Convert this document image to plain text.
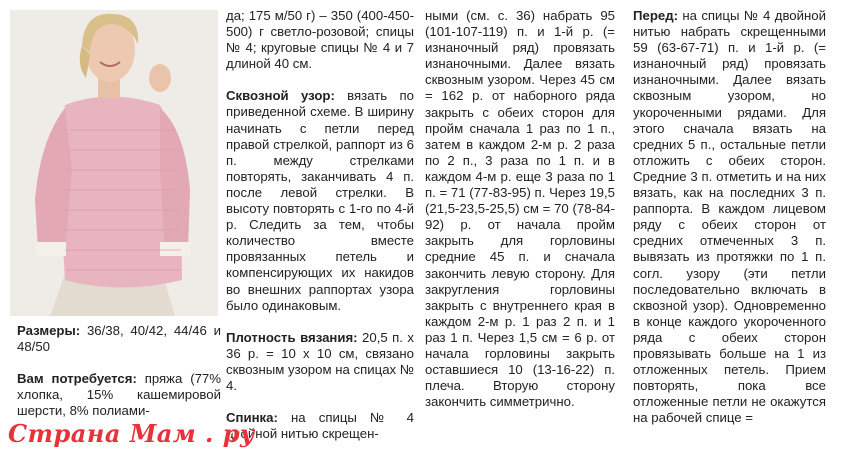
Размеры: 36/38, 40/42, 44/46 и 48/50

Вам потребуется: пряжа (77% хлопка, 15% кашемировой шерсти, 8% полиами-

да; 175 м/50 г) – 350 (400-450-500) г светло-розовой; спицы № 4; круговые спицы № 4 и 7 длиной 40 см.

Сквозной узор: вязать по приведенной схеме. В ширину начинать с петли перед правой стрелкой, раппорт из 6 п. между стрелками повторять, заканчивать 4 п. после левой стрелки. В высоту повторять с 1-го по 4-й р. Следить за тем, чтобы количество вместе провязанных петель и компенсирующих их накидов во внешних раппортах узора было одинаковым.

Плотность вязания: 20,5 п. х 36 р. = 10 х 10 см, связано сквозным узором на спицах № 4.

Спинка: на спицы № 4 двойной нитью скрещен-

ными (см. с. 36) набрать 95 (101-107-119) п. и 1-й р. (= изнаночный ряд) провязать изнаночными. Далее вязать сквозным узором. Через 45 см = 162 р. от наборного ряда закрыть с обеих сторон для пройм сначала 1 раз по 1 п., затем в каждом 2-м р. 2 раза по 2 п., 3 раза по 1 п. и в каждом 4-м р. еще 3 раза по 1 п. = 71 (77-83-95) п. Через 19,5 (21,5-23,5-25,5) см = 70 (78-84-92) р. от начала пройм закрыть для горловины средние 45 п. и сначала закончить левую сторону. Для закругления горловины закрыть с внутреннего края в каждом 2-м р. 1 раз 2 п. и 1 раз 1 п. Через 1,5 см = 6 р. от начала горловины закрыть оставшиеся 10 (13-16-22) п. плеча. Вторую сторону закончить симметрично.

Перед: на спицы № 4 двойной нитью набрать скрещенными 59 (63-67-71) п. и 1-й р. (= изнаночный ряд) провязать изнаночными. Далее вязать сквозным узором, но укороченными рядами. Для этого сначала вязать на средних 5 п., остальные петли отложить с обеих сторон. Средние 3 п. отметить и на них вязать, как на последних 3 п. раппорта. В каждом лицевом ряду с обеих сторон от средних отмеченных 3 п. вывязать из протяжки по 1 п. согл. узору (эти петли последовательно включать в сквозной узор). Одновременно в конце каждого укороченного ряда с обеих сторон провязывать больше на 1 из отложенных петель. Прием повторять, пока все отложенные петли не окажутся на рабочей спице =

Страна Мам . ру
